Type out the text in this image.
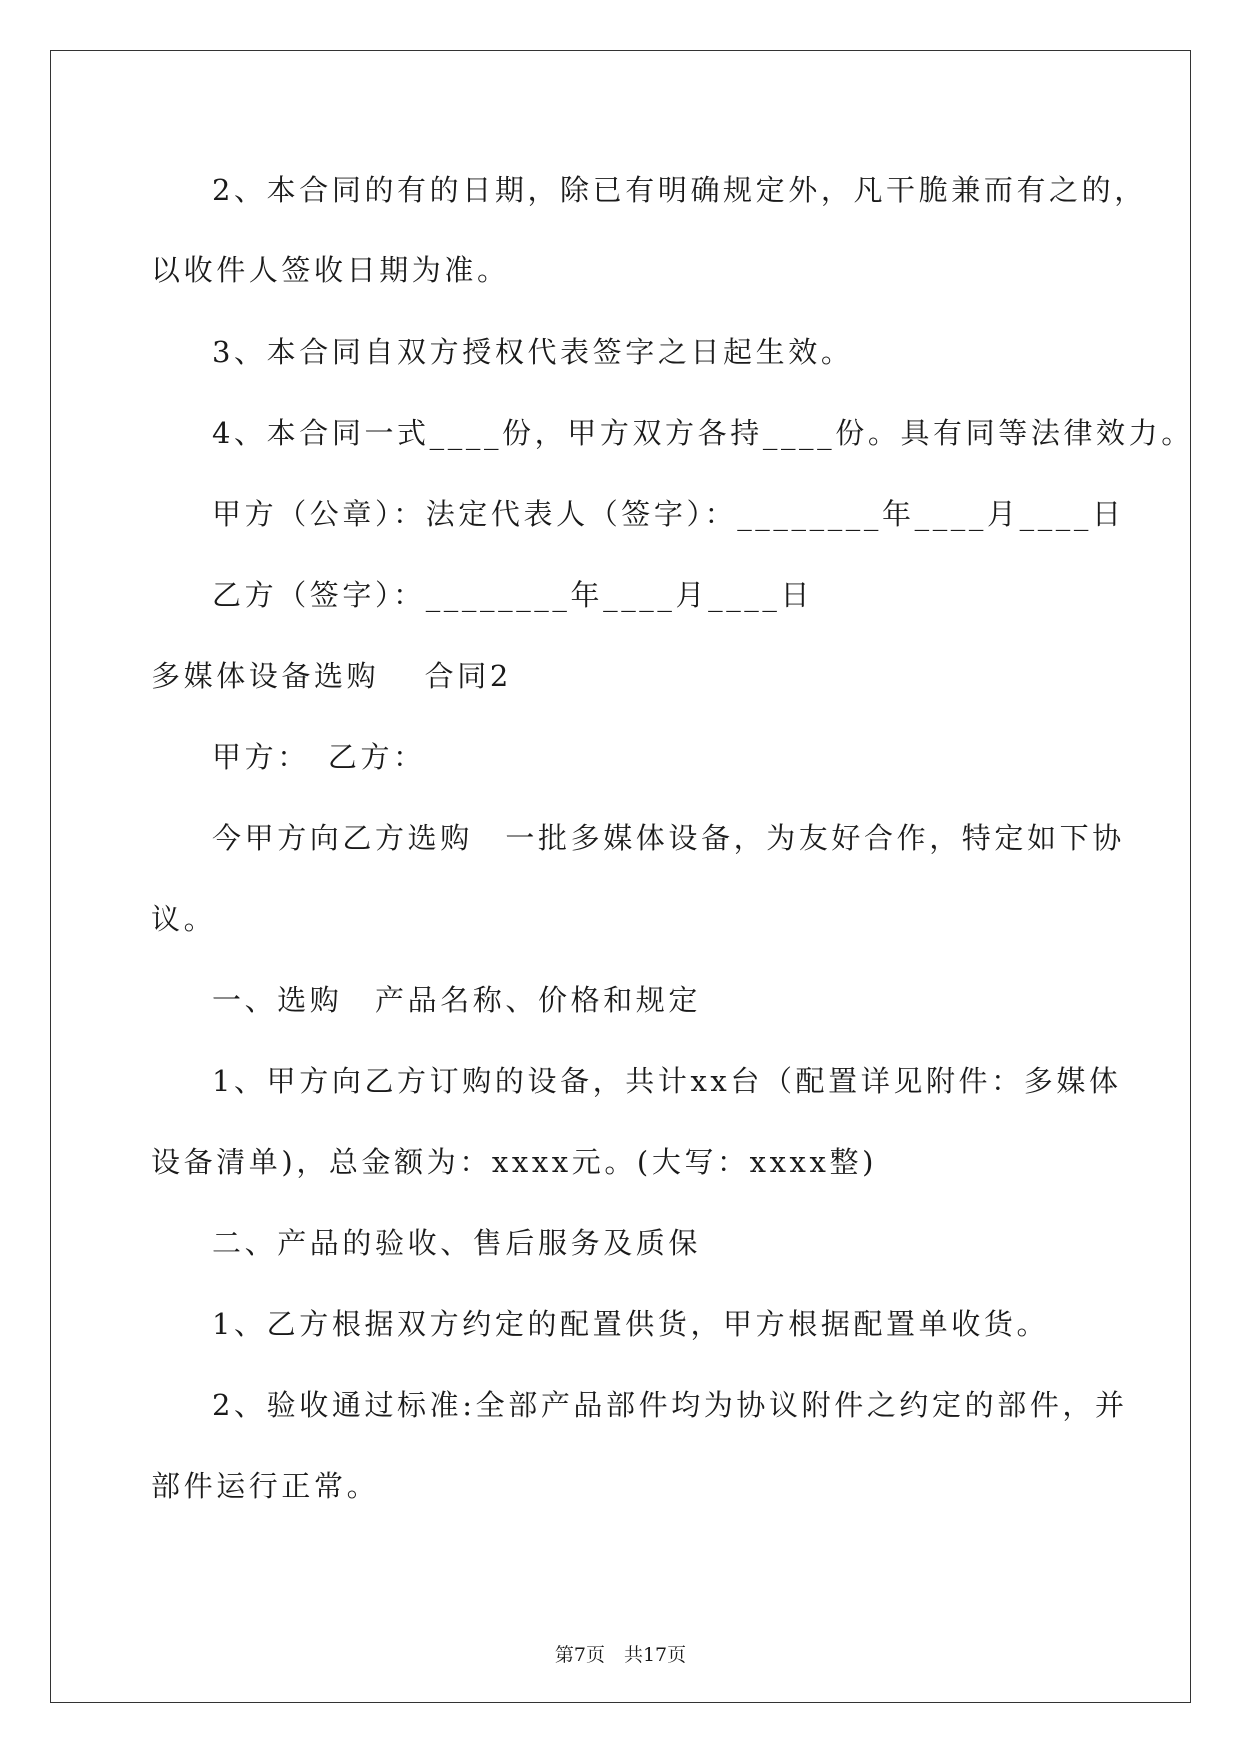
2、本合同的有的日期，除已有明确规定外，凡干脆兼而有之的，
以收件人签收日期为准。
3、本合同自双方授权代表签字之日起生效。
4、本合同一式____份，甲方双方各持____份。具有同等法律效力。
甲方（公章）：法定代表人（签字）：________年____月____日
乙方（签字）：________年____月____日
多媒体设备选购　 合同2
甲方：　乙方：
今甲方向乙方选购　一批多媒体设备，为友好合作，特定如下协
议。
一、选购　产品名称、价格和规定
1、甲方向乙方订购的设备，共计xx台（配置详见附件：多媒体
设备清单)，总金额为：xxxx元。(大写：xxxx整)
二、产品的验收、售后服务及质保
1、乙方根据双方约定的配置供货，甲方根据配置单收货。
2、验收通过标准:全部产品部件均为协议附件之约定的部件，并
部件运行正常。
第7页　共17页
